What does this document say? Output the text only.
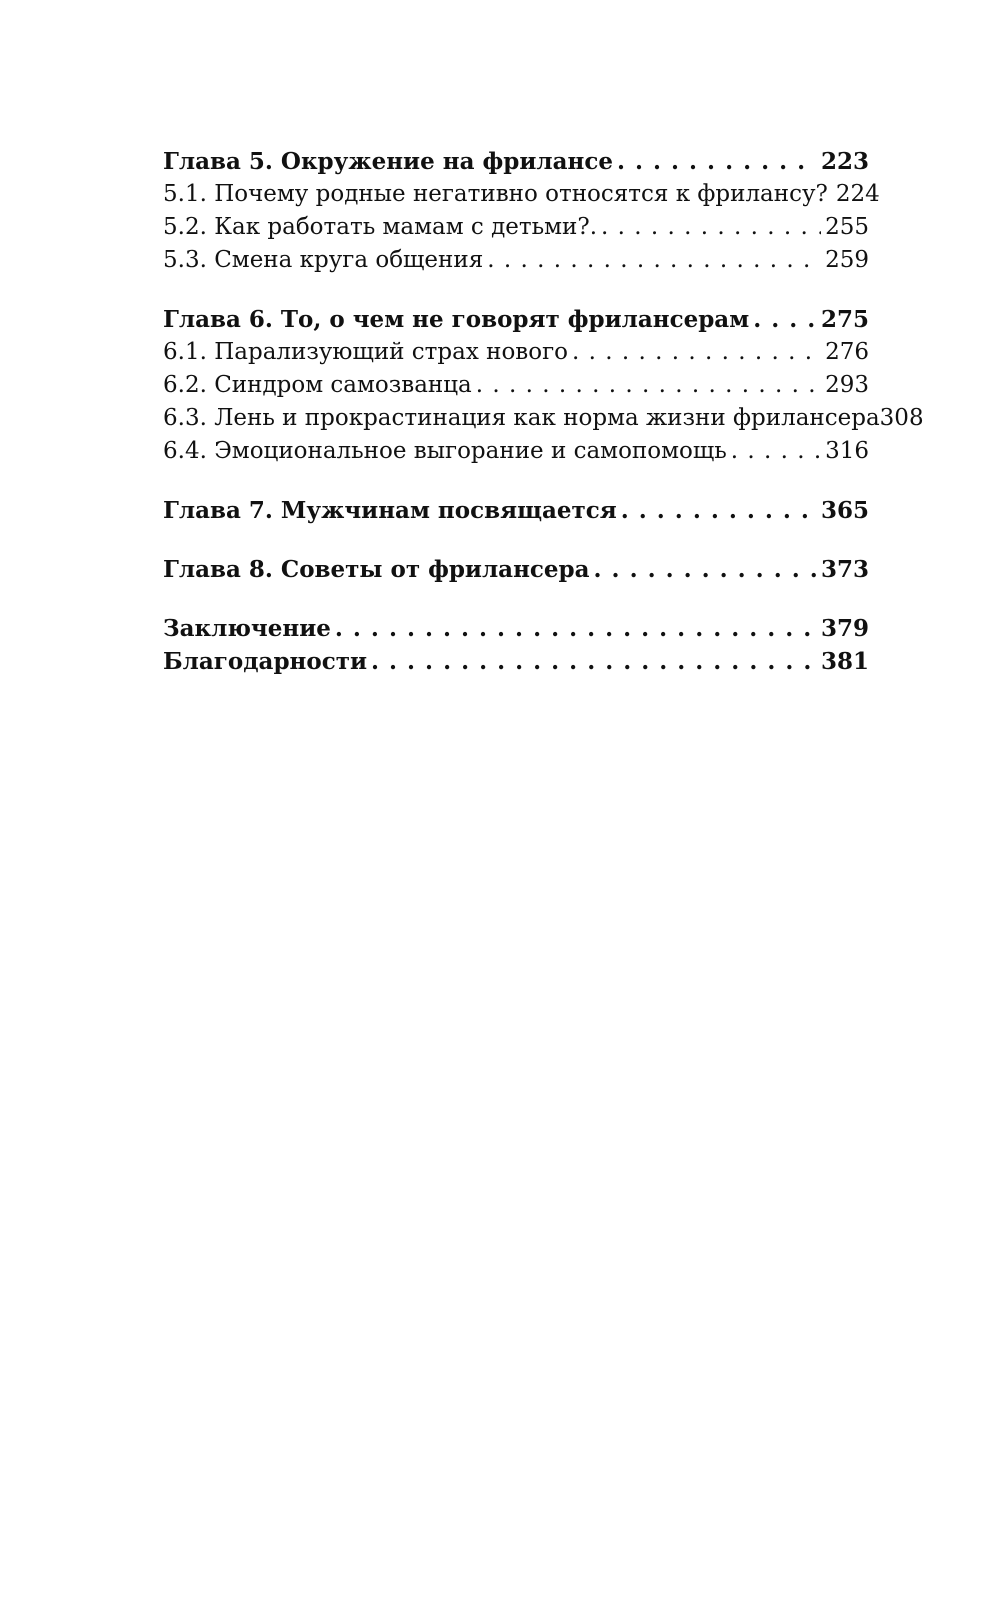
Глава 5. Окружение на фрилансе . . .	223
5.1. Почему родные негативно относятся к фрилансу? 224
5.2. Как работать мамам с детьми?. . . .	255
5.3. Смена круга общения . . .	259
Глава 6. То, о чем не говорят фрилансерам . . .	275
6.1. Парализующий страх нового . . .	276
6.2. Синдром самозванца . . .	293
6.3. Лень и прокрастинация как норма жизни фрилансера 308
6.4. Эмоциональное выгорание и самопомощь . . .	316
Глава 7. Мужчинам посвящается . . .	365
Глава 8. Советы от фрилансера . . .	373
Заключение . . .	379
Благодарности . . .	381
